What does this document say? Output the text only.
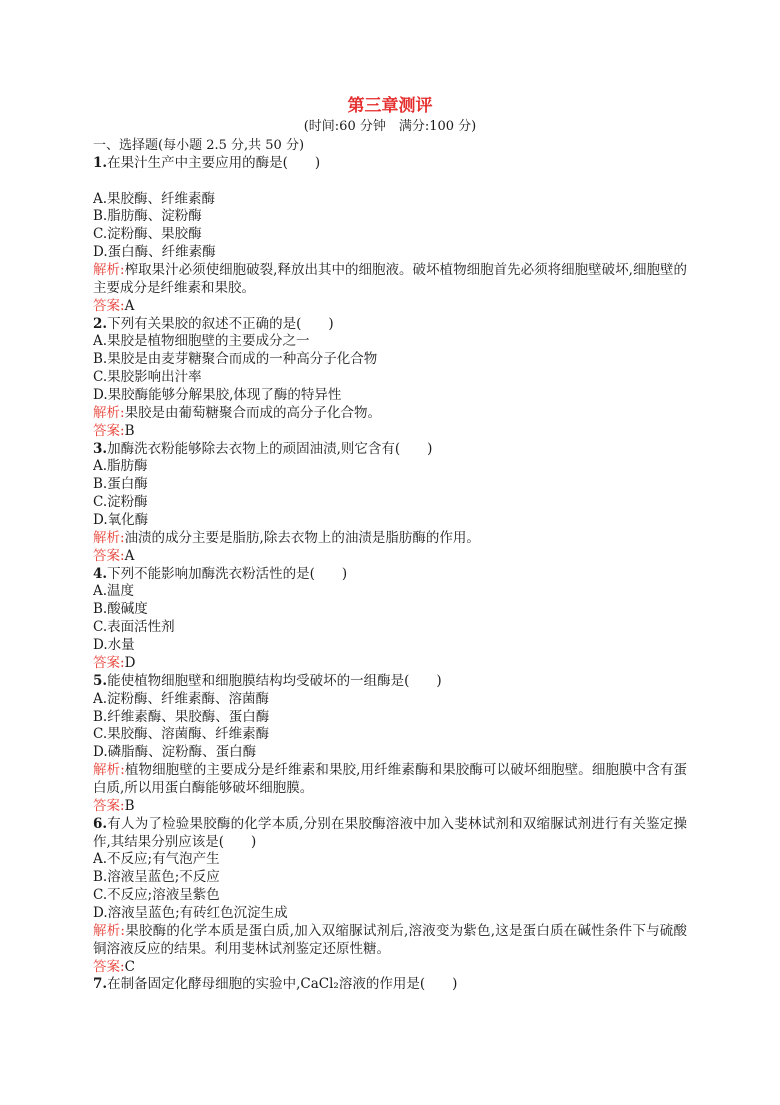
第三章测评

(时间:60 分钟　满分:100 分)

一、选择题(每小题 2.5 分,共 50 分)

1.在果汁生产中主要应用的酶是(　　)

A.果胶酶、纤维素酶

B.脂肪酶、淀粉酶

C.淀粉酶、果胶酶

D.蛋白酶、纤维素酶

解析:榨取果汁必须使细胞破裂,释放出其中的细胞液。破坏植物细胞首先必须将细胞壁破坏,细胞壁的主要成分是纤维素和果胶。

答案:A

2.下列有关果胶的叙述不正确的是(　　)

A.果胶是植物细胞壁的主要成分之一

B.果胶是由麦芽糖聚合而成的一种高分子化合物

C.果胶影响出汁率

D.果胶酶能够分解果胶,体现了酶的特异性

解析:果胶是由葡萄糖聚合而成的高分子化合物。

答案:B

3.加酶洗衣粉能够除去衣物上的顽固油渍,则它含有(　　)

A.脂肪酶

B.蛋白酶

C.淀粉酶

D.氧化酶

解析:油渍的成分主要是脂肪,除去衣物上的油渍是脂肪酶的作用。

答案:A

4.下列不能影响加酶洗衣粉活性的是(　　)

A.温度

B.酸碱度

C.表面活性剂

D.水量

答案:D

5.能使植物细胞壁和细胞膜结构均受破坏的一组酶是(　　)

A.淀粉酶、纤维素酶、溶菌酶

B.纤维素酶、果胶酶、蛋白酶

C.果胶酶、溶菌酶、纤维素酶

D.磷脂酶、淀粉酶、蛋白酶

解析:植物细胞壁的主要成分是纤维素和果胶,用纤维素酶和果胶酶可以破坏细胞壁。细胞膜中含有蛋白质,所以用蛋白酶能够破坏细胞膜。

答案:B

6.有人为了检验果胶酶的化学本质,分别在果胶酶溶液中加入斐林试剂和双缩脲试剂进行有关鉴定操作,其结果分别应该是(　　)

A.不反应;有气泡产生

B.溶液呈蓝色;不反应

C.不反应;溶液呈紫色

D.溶液呈蓝色;有砖红色沉淀生成

解析:果胶酶的化学本质是蛋白质,加入双缩脲试剂后,溶液变为紫色,这是蛋白质在碱性条件下与硫酸铜溶液反应的结果。利用斐林试剂鉴定还原性糖。

答案:C

7.在制备固定化酵母细胞的实验中,CaCl₂溶液的作用是(　　)
